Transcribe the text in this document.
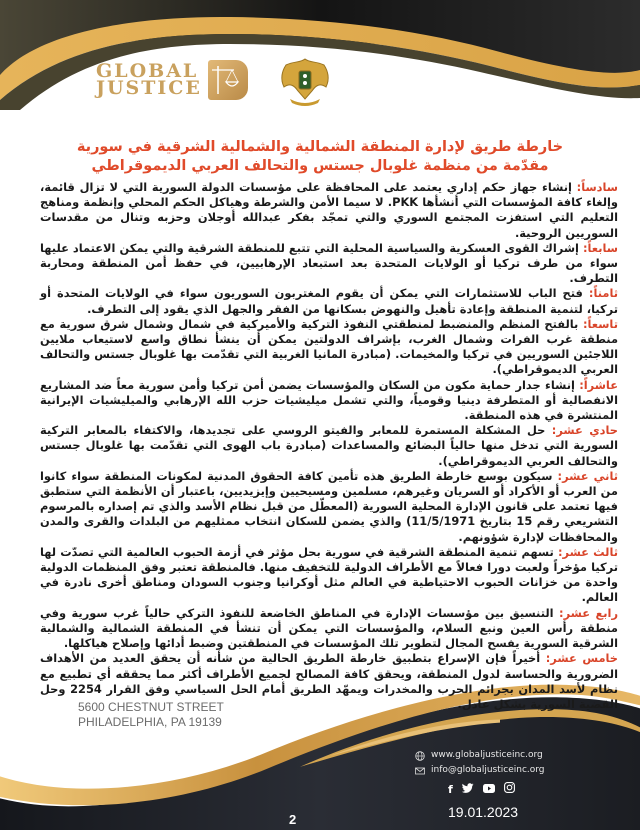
GLOBAL
JUSTICE
خارطة طريق لإدارة المنطقة الشمالية والشمالية الشرقية في سورية
مقدّمة من منظمة غلوبال جستس والتحالف العربي الديموقراطي

سادساً: إنشاء جهاز حكم إداري يعتمد على المحافظة على مؤسسات الدولة السورية التي لا تزال قائمة، وإلغاء كافة المؤسسات التي أنشأها PKK. لا سيما الأمن والشرطة وهياكل الحكم المحلي وإنظمة ومناهج التعليم التي استفزت المجتمع السوري والتي تمجّد بفكر عبدالله أوجلان وحزبه وتنال من مقدسات السوريين الروحية.

سابعاً: إشراك القوى العسكرية والسياسية المحلية التي تتبع للمنطقة الشرقية والتي يمكن الاعتماد عليها سواء من طرف تركيا أو الولايات المتحدة بعد استبعاد الإرهابيين، في حفظ أمن المنطقة ومحاربة التطرف.

ثامناً: فتح الباب للاستثمارات التي يمكن أن يقوم المغتربون السوريون سواء في الولايات المتحدة أو تركيا، لتنمية المنطقة وإعادة تأهيل والنهوض بسكانها من الفقر والجهل الذي يقود إلى التطرف.

تاسعاً: بالفتح المنظم والمنضبط لمنطقتي النفوذ التركية والأميركية في شمال وشمال شرق سورية مع منطقة غرب الفرات وشمال الغرب، بإشراف الدولتين يمكن أن ينشأ نطاق واسع لاستيعاب ملايين اللاجئين السوريين في تركيا والمخيمات. (مبادرة المانيا الغربية التي تقدّمت بها غلوبال جستس والتحالف العربي الديموقراطي).

عاشراً: إنشاء جدار حماية مكون من السكان والمؤسسات يضمن أمن تركيا وأمن سورية معاً ضد المشاريع الانفصالية أو المتطرفة دينيا وقومياً، والتي تشمل ميليشيات حزب الله الإرهابي والميليشيات الإيرانية المنتشرة في هذه المنطقة.

حادي عشر: حل المشكلة المستمرة للمعابر والفيتو الروسي على تجديدها، والاكتفاء بالمعابر التركية السورية التي تدخل منها حالياً البضائع والمساعدات (مبادرة باب الهوى التي تقدّمت بها غلوبال جستس والتحالف العربي الديموقراطي).

ثاني عشر: سيكون بوسع خارطة الطريق هذه تأمين كافة الحقوق المدنية لمكونات المنطقة سواء كانوا من العرب أو الأكراد أو السريان وغيرهم، مسلمين ومسيحيين وإيزيديين، باعتبار أن الأنظمة التي ستطبق فيها تعتمد على قانون الإدارة المحلية السورية (المعطّل من قبل نظام الأسد والذي تم إصداره بالمرسوم التشريعي رقم 15 بتاريخ 11/5/1971) والذي يضمن للسكان انتخاب ممثليهم من البلدات والقرى والمدن والمحافظات لإدارة شؤونهم.

ثالث عشر: تسهم تنمية المنطقة الشرقية في سورية بحل مؤثر في أزمة الحبوب العالمية التي تصدّت لها تركيا مؤخراً ولعبت دورا فعالاً مع الأطراف الدولية للتخفيف منها. فالمنطقة تعتبر وفق المنظمات الدولية واحدة من خزانات الحبوب الاحتياطية في العالم مثل أوكرانيا وجنوب السودان ومناطق أخرى نادرة في العالم.

رابع عشر: التنسيق بين مؤسسات الإدارة في المناطق الخاضعة للنفوذ التركي حالياً غرب سورية وفي منطقة رأس العين ونبع السلام، والمؤسسات التي يمكن أن تنشأ في المنطقة الشمالية والشمالية الشرقية السورية يفسح المجال لتطوير تلك المؤسسات في المنطقتين وضبط أدائها وإصلاح هياكلها.

خامس عشر: أخيراً فإن الإسراع بتطبيق خارطة الطريق الحالية من شأنه أن يحقق العديد من الأهداف الضرورية والحساسة لدول المنطقة، ويحقق كافة المصالح لجميع الأطراف أكثر مما يحققه أي تطبيع مع نظام لأسد المدان بجرائم الحرب والمخدرات ويمهّد الطريق أمام الحل السياسي وفق القرار 2254 وحل القضية السورية بشكل عادل.

5600 CHESTNUT STREET
PHILADELPHIA, PA 19139
www.globaljusticeinc.org
info@globaljusticeinc.org
f
19.01.2023
2
